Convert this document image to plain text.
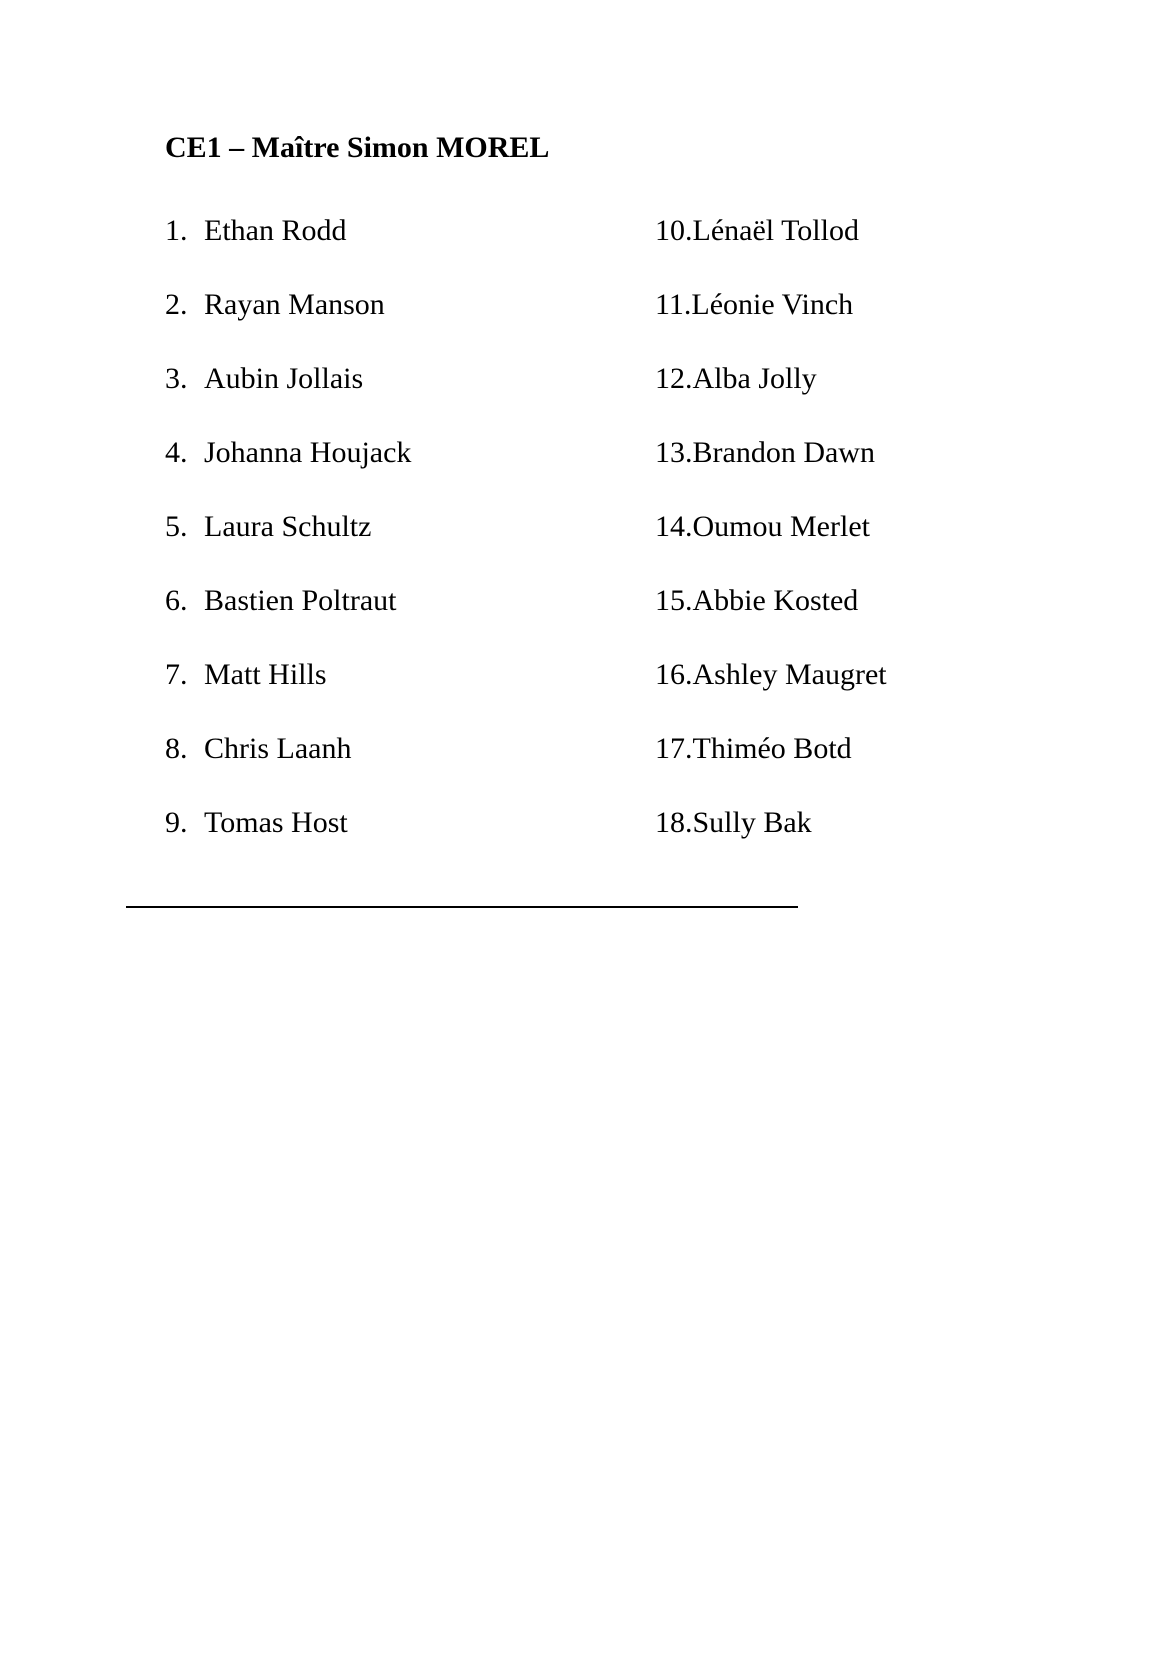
CE1 – Maître Simon MOREL
1. Ethan Rodd
2. Rayan Manson
3. Aubin Jollais
4. Johanna Houjack
5. Laura Schultz
6. Bastien Poltraut
7. Matt Hills
8. Chris Laanh
9. Tomas Host
10. Lénaël Tollod
11. Léonie Vinch
12. Alba Jolly
13. Brandon Dawn
14. Oumou Merlet
15. Abbie Kosted
16. Ashley Maugret
17. Thiméo Botd
18. Sully Bak
